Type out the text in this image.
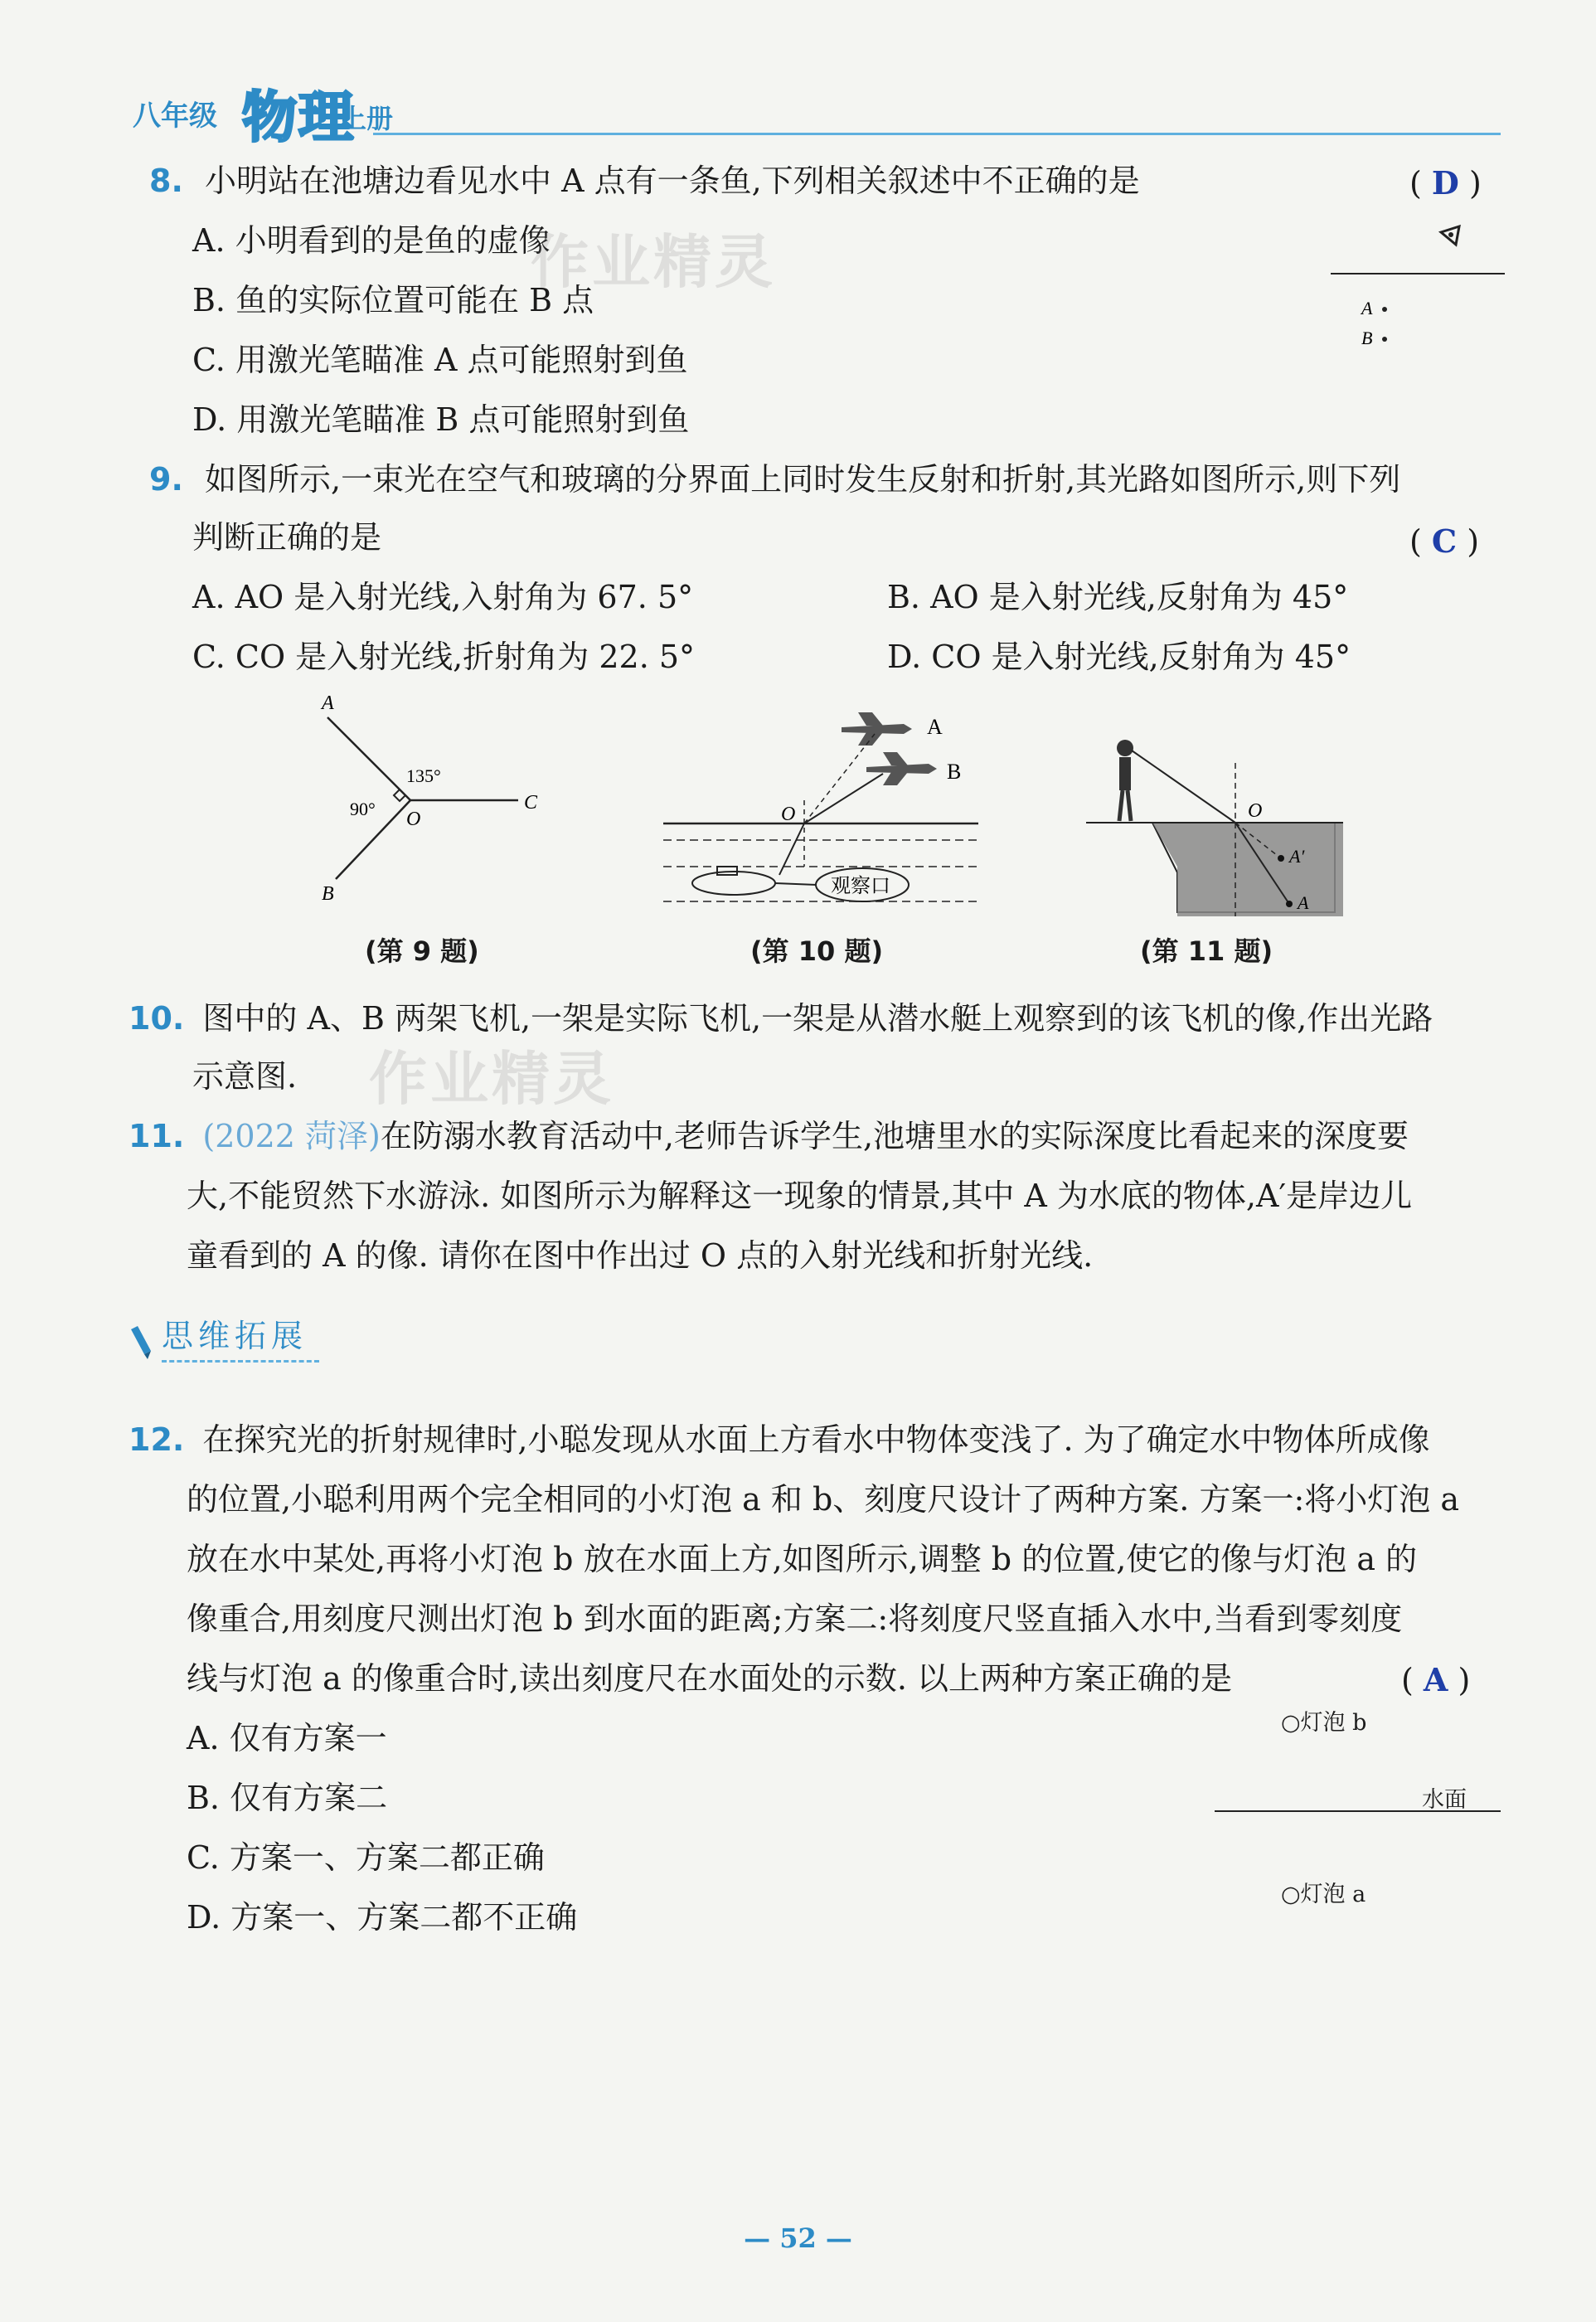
八年级 物理
上册
8. 小明站在池塘边看见水中 A 点有一条鱼,下列相关叙述中不正确的是	( D )
A. 小明看到的是鱼的虚像
B. 鱼的实际位置可能在 B 点
C. 用激光笔瞄准 A 点可能照射到鱼
D. 用激光笔瞄准 B 点可能照射到鱼
作业精灵
A
B
9. 如图所示,一束光在空气和玻璃的分界面上同时发生反射和折射,其光路如图所示,则下列
判断正确的是	( C )
A. AO 是入射光线,入射角为 67. 5°	B. AO 是入射光线,反射角为 45°
C. CO 是入射光线,折射角为 22. 5°	D. CO 是入射光线,反射角为 45°
A
C
B
O
135°
90°
(第 9 题)
A
B
O
观察口
(第 10 题)
O
A′
A
(第 11 题)
10. 图中的 A、B 两架飞机,一架是实际飞机,一架是从潜水艇上观察到的该飞机的像,作出光路
示意图. 作业精灵
11. (2022 菏泽)在防溺水教育活动中,老师告诉学生,池塘里水的实际深度比看起来的深度要
大,不能贸然下水游泳. 如图所示为解释这一现象的情景,其中 A 为水底的物体,A′是岸边儿
童看到的 A 的像. 请你在图中作出过 O 点的入射光线和折射光线.
思维拓展
12. 在探究光的折射规律时,小聪发现从水面上方看水中物体变浅了. 为了确定水中物体所成像
的位置,小聪利用两个完全相同的小灯泡 a 和 b、刻度尺设计了两种方案. 方案一:将小灯泡 a
放在水中某处,再将小灯泡 b 放在水面上方,如图所示,调整 b 的位置,使它的像与灯泡 a 的
像重合,用刻度尺测出灯泡 b 到水面的距离;方案二:将刻度尺竖直插入水中,当看到零刻度
线与灯泡 a 的像重合时,读出刻度尺在水面处的示数. 以上两种方案正确的是	( A )
A. 仅有方案一
B. 仅有方案二
C. 方案一、方案二都正确
D. 方案一、方案二都不正确
○灯泡 b
水面
○灯泡 a
— 52 —
